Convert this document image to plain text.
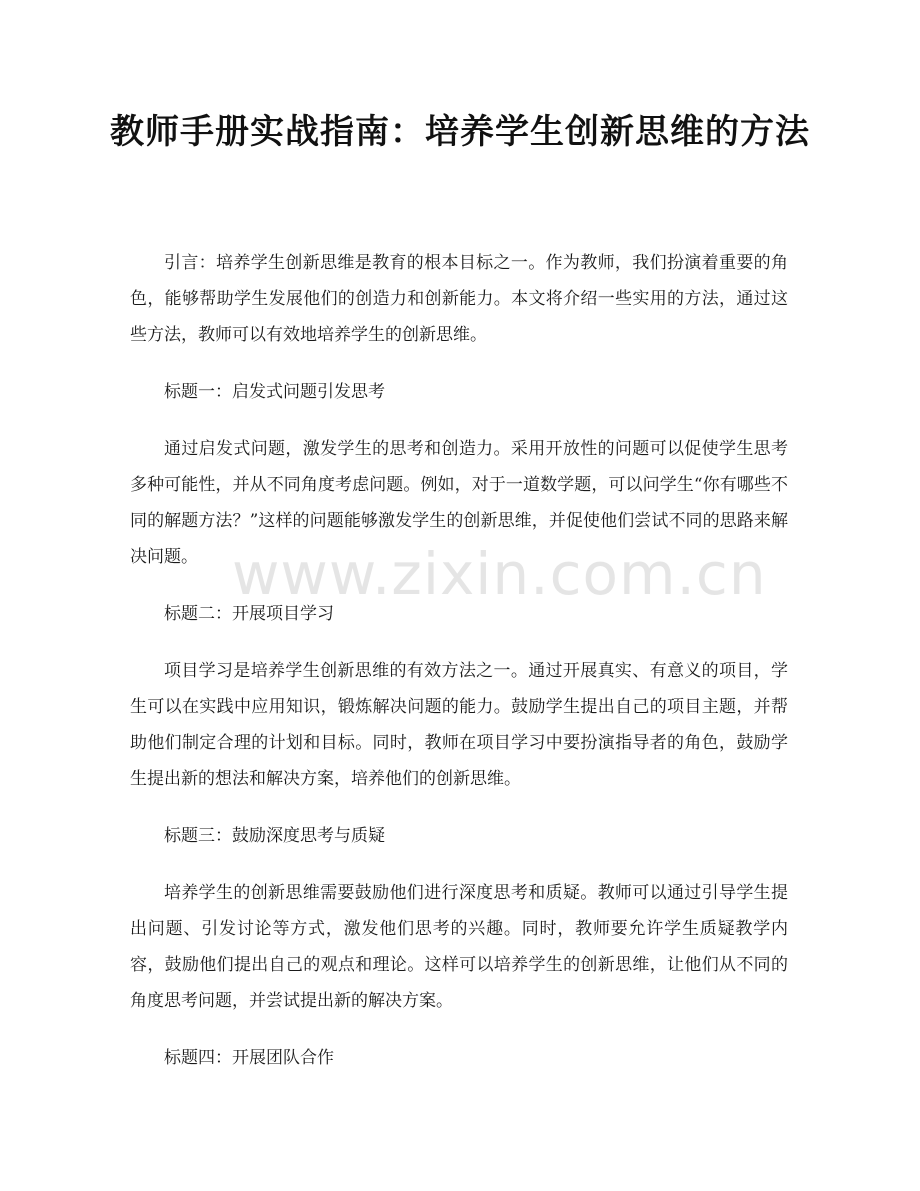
教师手册实战指南：培养学生创新思维的方法
www.zixin.com.cn

引言：培养学生创新思维是教育的根本目标之一。作为教师，我们扮演着重要的角色，能够帮助学生发展他们的创造力和创新能力。本文将介绍一些实用的方法，通过这些方法，教师可以有效地培养学生的创新思维。

标题一：启发式问题引发思考

通过启发式问题，激发学生的思考和创造力。采用开放性的问题可以促使学生思考多种可能性，并从不同角度考虑问题。例如，对于一道数学题，可以问学生“你有哪些不同的解题方法？”这样的问题能够激发学生的创新思维，并促使他们尝试不同的思路来解决问题。

标题二：开展项目学习

项目学习是培养学生创新思维的有效方法之一。通过开展真实、有意义的项目，学生可以在实践中应用知识，锻炼解决问题的能力。鼓励学生提出自己的项目主题，并帮助他们制定合理的计划和目标。同时，教师在项目学习中要扮演指导者的角色，鼓励学生提出新的想法和解决方案，培养他们的创新思维。

标题三：鼓励深度思考与质疑

培养学生的创新思维需要鼓励他们进行深度思考和质疑。教师可以通过引导学生提出问题、引发讨论等方式，激发他们思考的兴趣。同时，教师要允许学生质疑教学内容，鼓励他们提出自己的观点和理论。这样可以培养学生的创新思维，让他们从不同的角度思考问题，并尝试提出新的解决方案。

标题四：开展团队合作
